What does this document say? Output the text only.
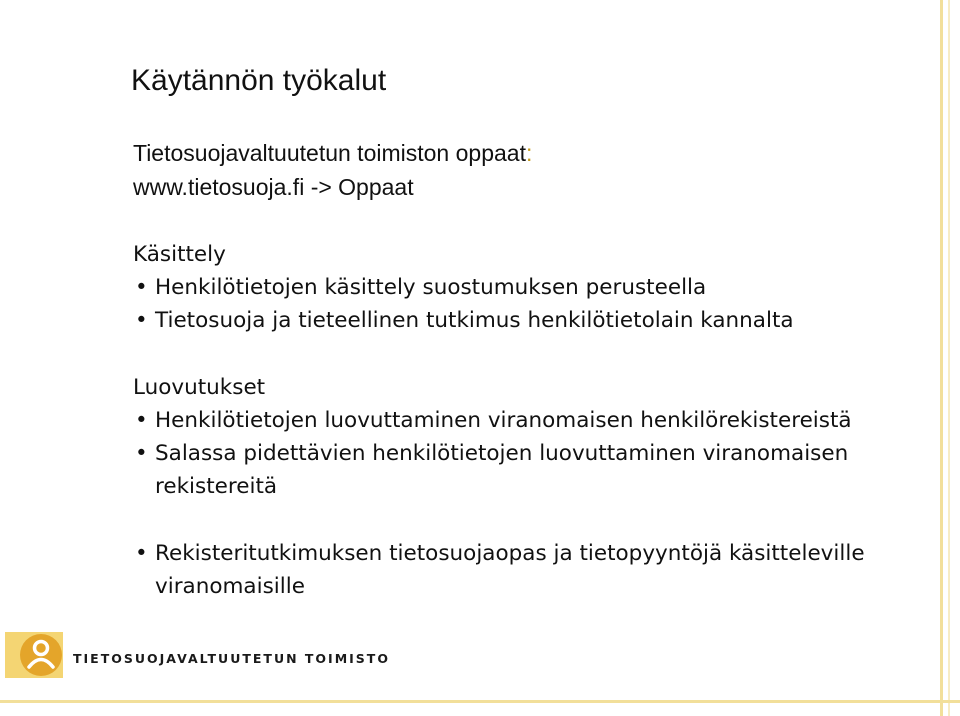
Käytännön työkalut
Tietosuojavaltuutetun toimiston oppaat:
www.tietosuoja.fi -> Oppaat
Käsittely
• Henkilötietojen käsittely suostumuksen perusteella
• Tietosuoja ja tieteellinen tutkimus henkilötietolain kannalta
Luovutukset
• Henkilötietojen luovuttaminen viranomaisen henkilörekistereistä
• Salassa pidettävien henkilötietojen luovuttaminen viranomaisen rekistereitä
• Rekisteritutkimuksen tietosuojaopas ja tietopyyntöjä käsitteleville viranomaisille
TIETOSUOJAVALTUUTETUN TOIMISTO
